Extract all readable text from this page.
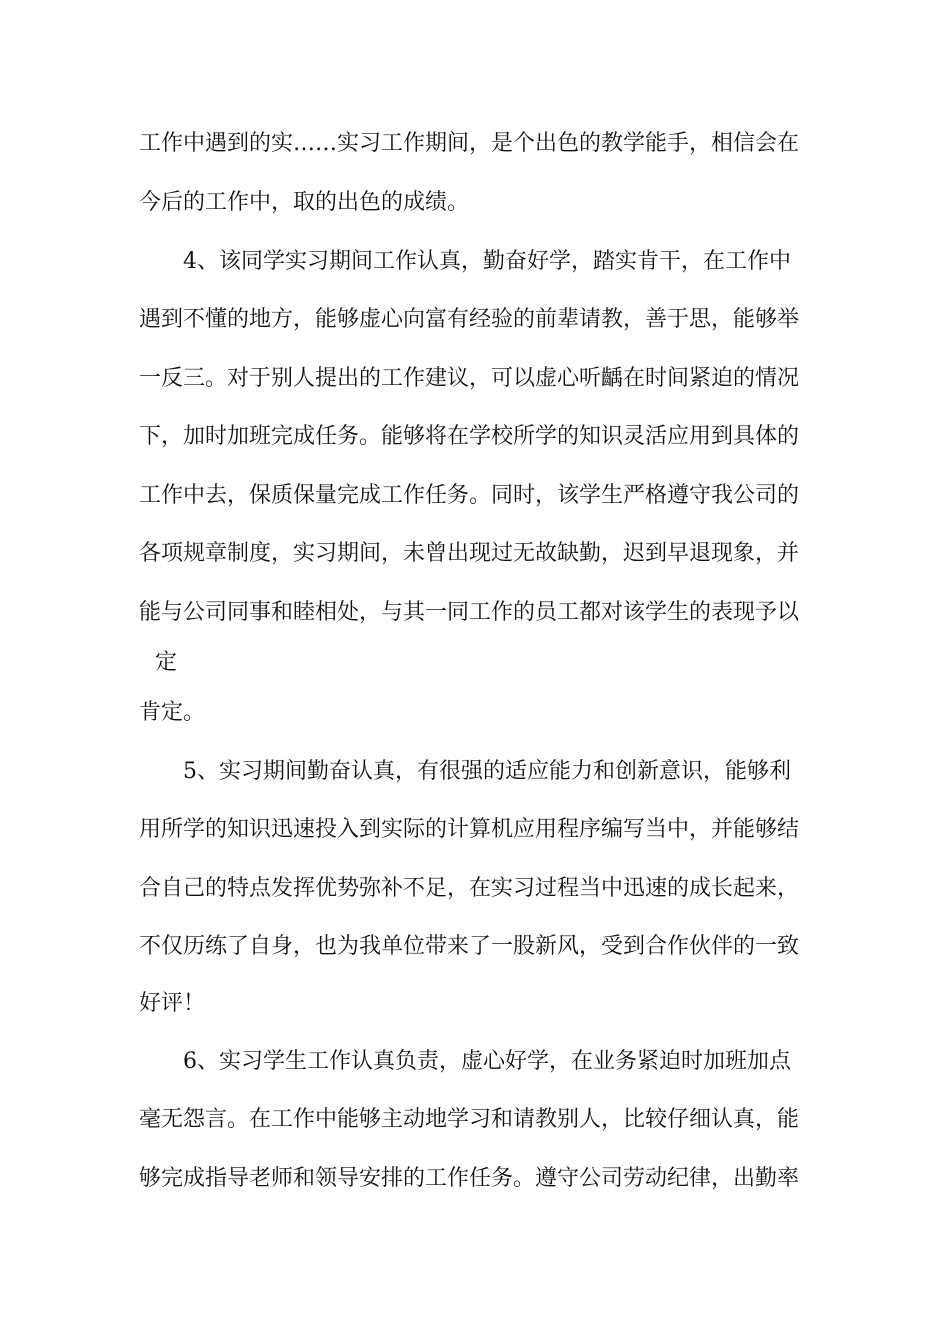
工作中遇到的实……实习工作期间，是个出色的教学能手，相信会在
今后的工作中，取的出色的成绩。
4、该同学实习期间工作认真，勤奋好学，踏实肯干，在工作中
遇到不懂的地方，能够虚心向富有经验的前辈请教，善于思，能够举
一反三。对于别人提出的工作建议，可以虚心听齲在时间紧迫的情况
下，加时加班完成任务。能够将在学校所学的知识灵活应用到具体的
工作中去，保质保量完成工作任务。同时，该学生严格遵守我公司的
各项规章制度，实习期间，未曾出现过无故缺勤，迟到早退现象，并
能与公司同事和睦相处，与其一同工作的员工都对该学生的表现予以
定
肯定。
5、实习期间勤奋认真，有很强的适应能力和创新意识，能够利
用所学的知识迅速投入到实际的计算机应用程序编写当中，并能够结
合自己的特点发挥优势弥补不足，在实习过程当中迅速的成长起来，
不仅历练了自身，也为我单位带来了一股新风，受到合作伙伴的一致
好评！
6、实习学生工作认真负责，虚心好学，在业务紧迫时加班加点
毫无怨言。在工作中能够主动地学习和请教别人，比较仔细认真，能
够完成指导老师和领导安排的工作任务。遵守公司劳动纪律，出勤率
